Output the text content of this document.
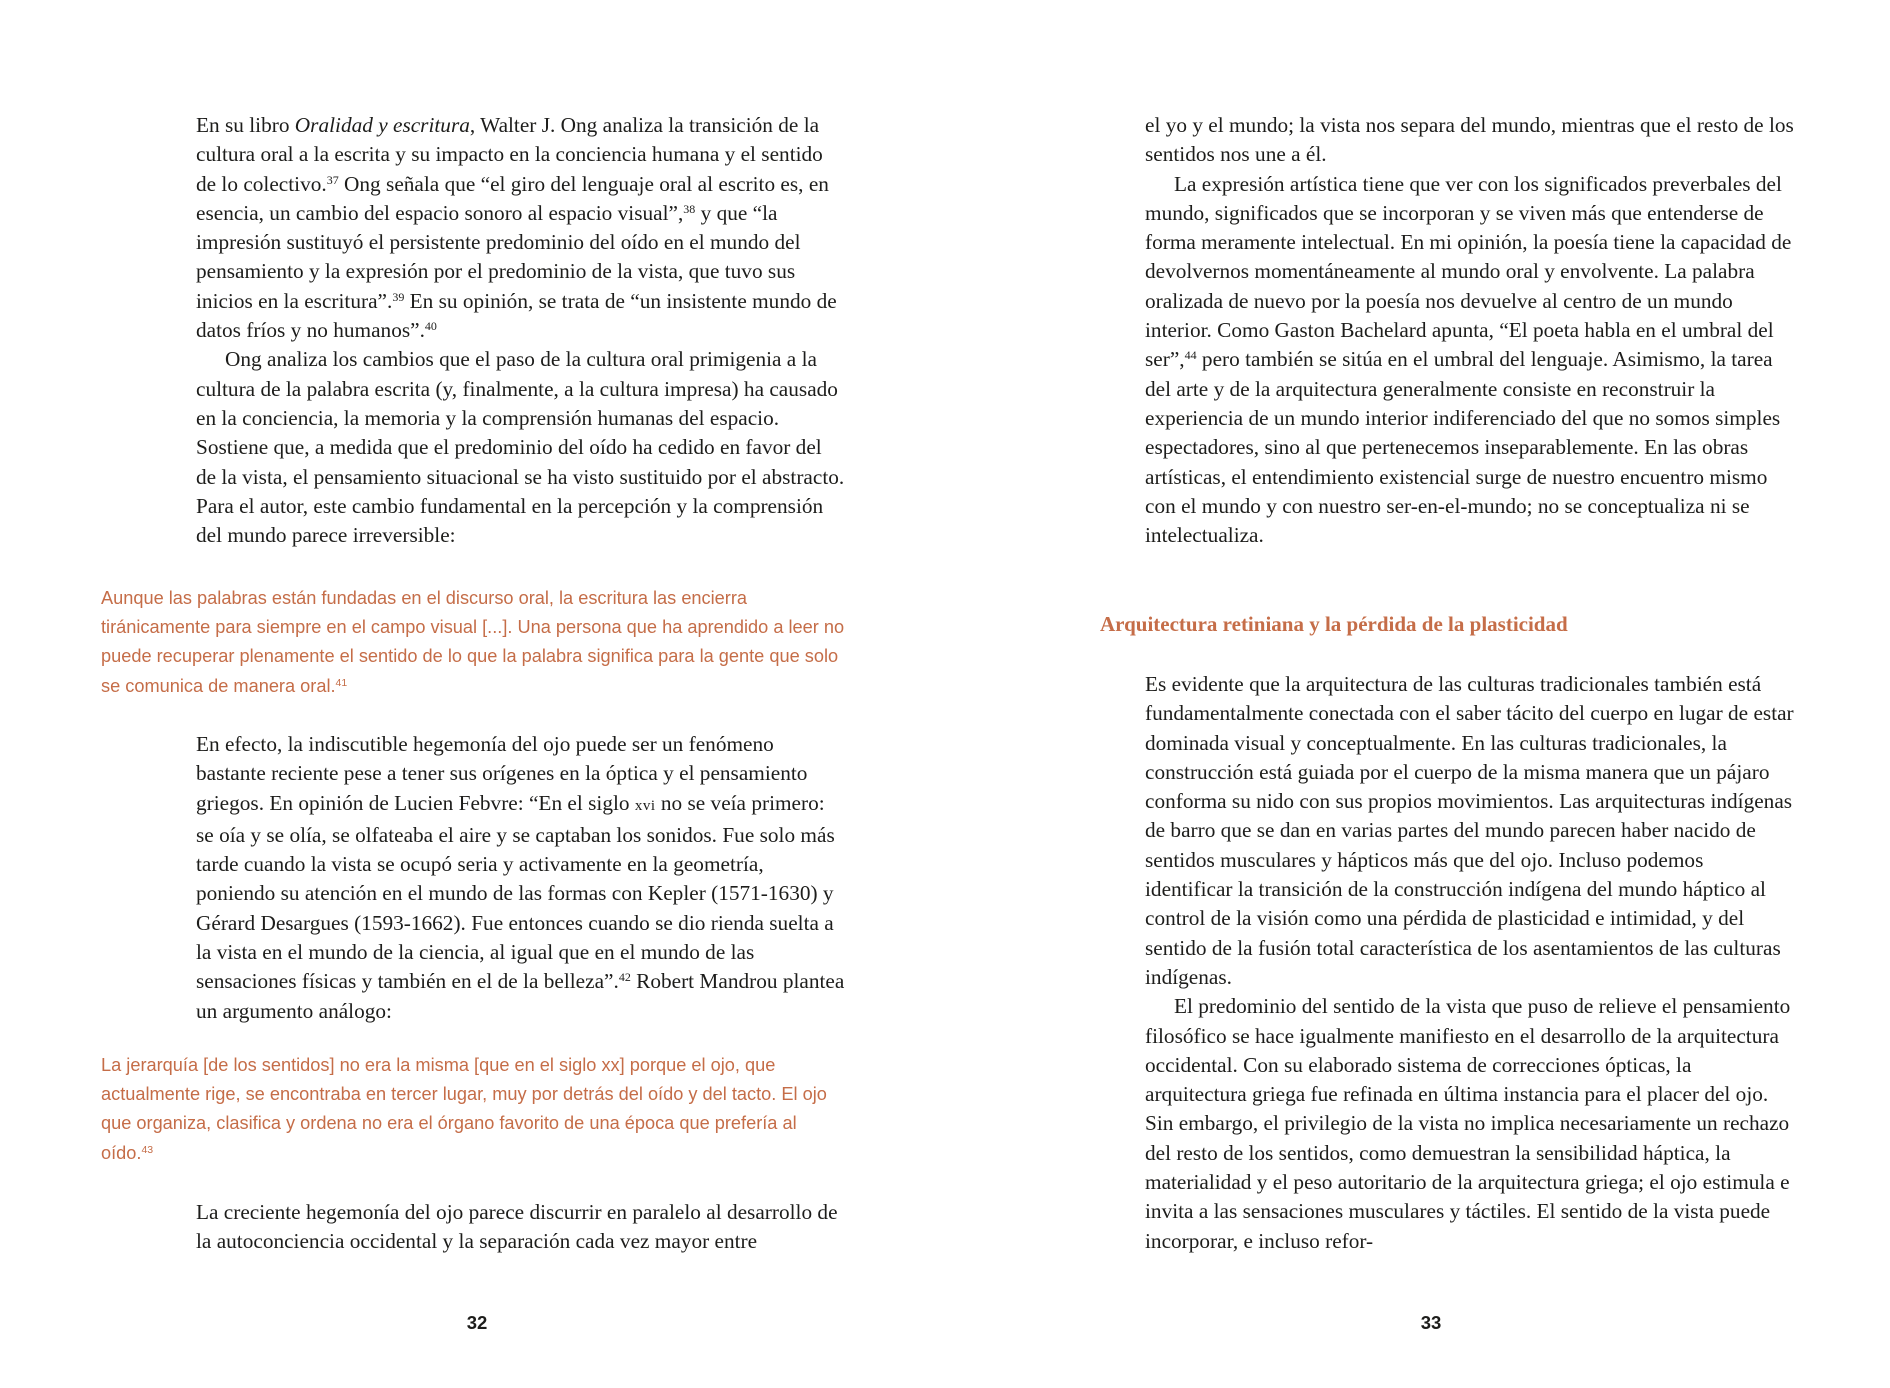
En su libro Oralidad y escritura, Walter J. Ong analiza la transición de la cultura oral a la escrita y su impacto en la conciencia humana y el sentido de lo colectivo.$^{37}$ Ong señala que “el giro del lenguaje oral al escrito es, en esencia, un cambio del espacio sonoro al espacio visual”,$^{38}$ y que “la impresión sustituyó el persistente predominio del oído en el mundo del pensamiento y la expresión por el predominio de la vista, que tuvo sus inicios en la escritura”.$^{39}$ En su opinión, se trata de “un insistente mundo de datos fríos y no humanos”.$^{40}$

Ong analiza los cambios que el paso de la cultura oral primigenia a la cultura de la palabra escrita (y, finalmente, a la cultura impresa) ha causado en la conciencia, la memoria y la comprensión humanas del espacio. Sostiene que, a medida que el predominio del oído ha cedido en favor del de la vista, el pensamiento situacional se ha visto sustituido por el abstracto. Para el autor, este cambio fundamental en la percepción y la comprensión del mundo parece irreversible:

Aunque las palabras están fundadas en el discurso oral, la escritura las encierra tiránicamente para siempre en el campo visual [...]. Una persona que ha aprendido a leer no puede recuperar plenamente el sentido de lo que la palabra significa para la gente que solo se comunica de manera oral.$^{41}$

En efecto, la indiscutible hegemonía del ojo puede ser un fenómeno bastante reciente pese a tener sus orígenes en la óptica y el pensamiento griegos. En opinión de Lucien Febvre: “En el siglo xvi no se veía primero: se oía y se olía, se olfateaba el aire y se captaban los sonidos. Fue solo más tarde cuando la vista se ocupó seria y activamente en la geometría, poniendo su atención en el mundo de las formas con Kepler (1571-1630) y Gérard Desargues (1593-1662). Fue entonces cuando se dio rienda suelta a la vista en el mundo de la ciencia, al igual que en el mundo de las sensaciones físicas y también en el de la belleza”.$^{42}$ Robert Mandrou plantea un argumento análogo:

La jerarquía [de los sentidos] no era la misma [que en el siglo xx] porque el ojo, que actualmente rige, se encontraba en tercer lugar, muy por detrás del oído y del tacto. El ojo que organiza, clasifica y ordena no era el órgano favorito de una época que prefería al oído.$^{43}$

La creciente hegemonía del ojo parece discurrir en paralelo al desarrollo de la autoconciencia occidental y la separación cada vez mayor entre

32

el yo y el mundo; la vista nos separa del mundo, mientras que el resto de los sentidos nos une a él.

La expresión artística tiene que ver con los significados preverbales del mundo, significados que se incorporan y se viven más que entenderse de forma meramente intelectual. En mi opinión, la poesía tiene la capacidad de devolvernos momentáneamente al mundo oral y envolvente. La palabra oralizada de nuevo por la poesía nos devuelve al centro de un mundo interior. Como Gaston Bachelard apunta, “El poeta habla en el umbral del ser”,$^{44}$ pero también se sitúa en el umbral del lenguaje. Asimismo, la tarea del arte y de la arquitectura generalmente consiste en reconstruir la experiencia de un mundo interior indiferenciado del que no somos simples espectadores, sino al que pertenecemos inseparablemente. En las obras artísticas, el entendimiento existencial surge de nuestro encuentro mismo con el mundo y con nuestro ser-en-el-mundo; no se conceptualiza ni se intelectualiza.

Arquitectura retiniana y la pérdida de la plasticidad

Es evidente que la arquitectura de las culturas tradicionales también está fundamentalmente conectada con el saber tácito del cuerpo en lugar de estar dominada visual y conceptualmente. En las culturas tradicionales, la construcción está guiada por el cuerpo de la misma manera que un pájaro conforma su nido con sus propios movimientos. Las arquitecturas indígenas de barro que se dan en varias partes del mundo parecen haber nacido de sentidos musculares y hápticos más que del ojo. Incluso podemos identificar la transición de la construcción indígena del mundo háptico al control de la visión como una pérdida de plasticidad e intimidad, y del sentido de la fusión total característica de los asentamientos de las culturas indígenas.

El predominio del sentido de la vista que puso de relieve el pensamiento filosófico se hace igualmente manifiesto en el desarrollo de la arquitectura occidental. Con su elaborado sistema de correcciones ópticas, la arquitectura griega fue refinada en última instancia para el placer del ojo. Sin embargo, el privilegio de la vista no implica necesariamente un rechazo del resto de los sentidos, como demuestran la sensibilidad háptica, la materialidad y el peso autoritario de la arquitectura griega; el ojo estimula e invita a las sensaciones musculares y táctiles. El sentido de la vista puede incorporar, e incluso refor-

33
